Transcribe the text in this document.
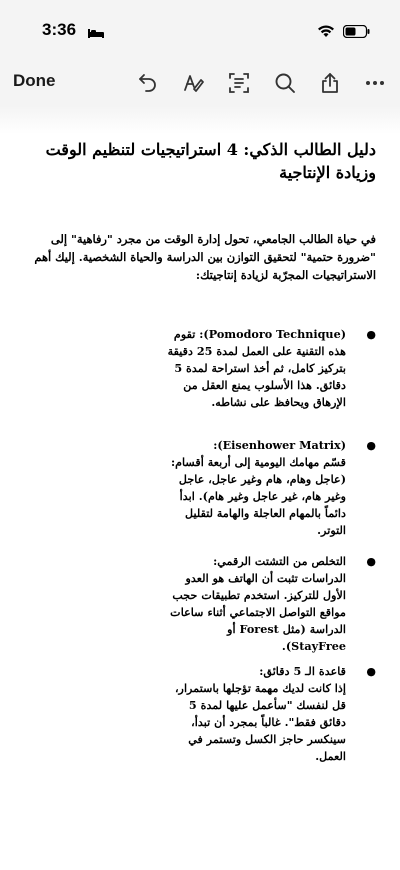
3:36
Done
دليل الطالب الذكي: 4 استراتيجيات لتنظيم الوقت وزيادة الإنتاجية

في حياة الطالب الجامعي، تحول إدارة الوقت من مجرد "رفاهية" إلى "ضرورة حتمية" لتحقيق التوازن بين الدراسة والحياة الشخصية. إليك أهم الاستراتيجيات المجرّبة لزيادة إنتاجيتك:

●
(Pomodoro Technique): تقوم هذه التقنية على العمل لمدة 25 دقيقة بتركيز كامل، ثم أخذ استراحة لمدة 5 دقائق. هذا الأسلوب يمنع العقل من الإرهاق ويحافظ على نشاطه.
●
(Eisenhower Matrix):
قسّم مهامك اليومية إلى أربعة أقسام: (عاجل وهام، هام وغير عاجل، عاجل وغير هام، غير عاجل وغير هام). ابدأ دائماً بالمهام العاجلة والهامة لتقليل التوتر.
●
التخلص من التشتت الرقمي:
الدراسات تثبت أن الهاتف هو العدو الأول للتركيز. استخدم تطبيقات حجب مواقع التواصل الاجتماعي أثناء ساعات الدراسة (مثل Forest أو StayFree).
●
قاعدة الـ 5 دقائق:
إذا كانت لديك مهمة تؤجلها باستمرار، قل لنفسك "سأعمل عليها لمدة 5 دقائق فقط". غالباً بمجرد أن تبدأ، سينكسر حاجز الكسل وتستمر في العمل.
